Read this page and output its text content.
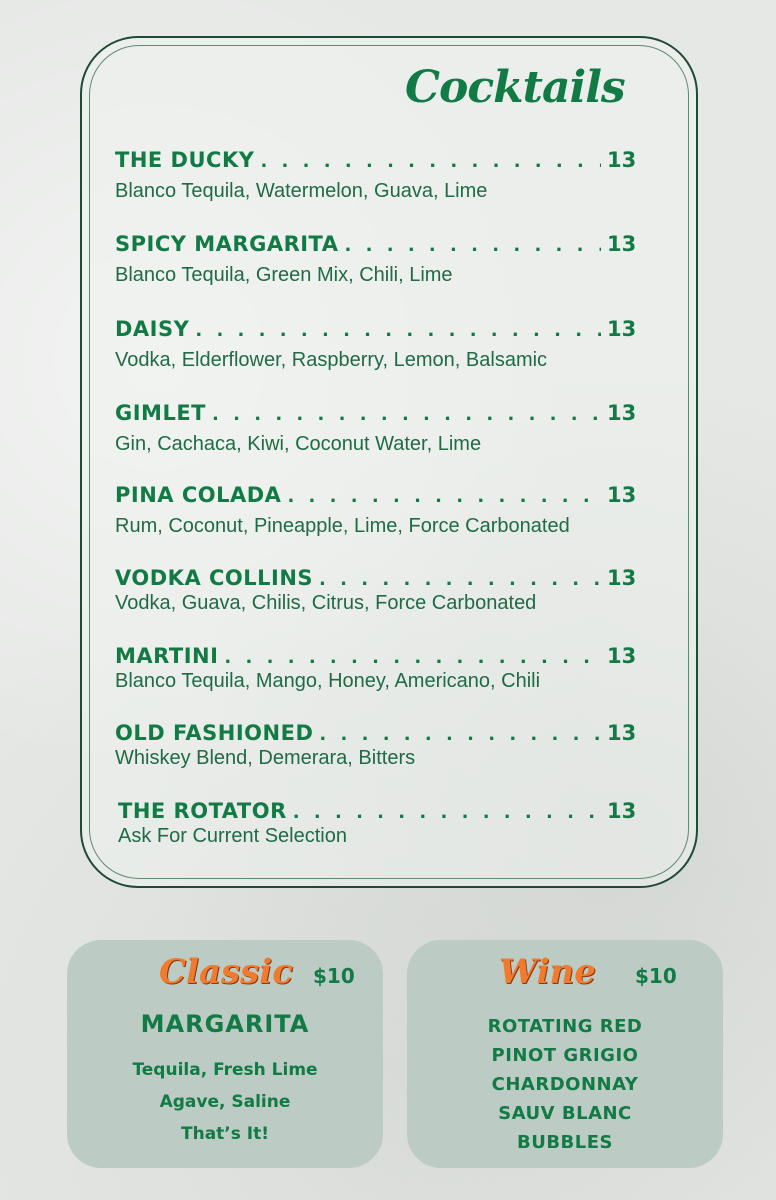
Cocktails
THE DUCKY . . .	13
Blanco Tequila, Watermelon, Guava, Lime
SPICY MARGARITA . . .	13
Blanco Tequila, Green Mix, Chili, Lime
DAISY . . .	13
Vodka, Elderflower, Raspberry, Lemon, Balsamic
GIMLET . . .	13
Gin, Cachaca, Kiwi, Coconut Water, Lime
PINA COLADA . . .	13
Rum, Coconut, Pineapple, Lime, Force Carbonated
VODKA COLLINS . . .	13
Vodka, Guava, Chilis, Citrus, Force Carbonated
MARTINI . . .	13
Blanco Tequila, Mango, Honey, Americano, Chili
OLD FASHIONED . . .	13
Whiskey Blend, Demerara, Bitters
THE ROTATOR . . .	13
Ask For Current Selection
Classic $10
MARGARITA
Tequila, Fresh Lime
Agave, Saline
That’s It!
Wine $10
ROTATING RED
PINOT GRIGIO
CHARDONNAY
SAUV BLANC
BUBBLES
